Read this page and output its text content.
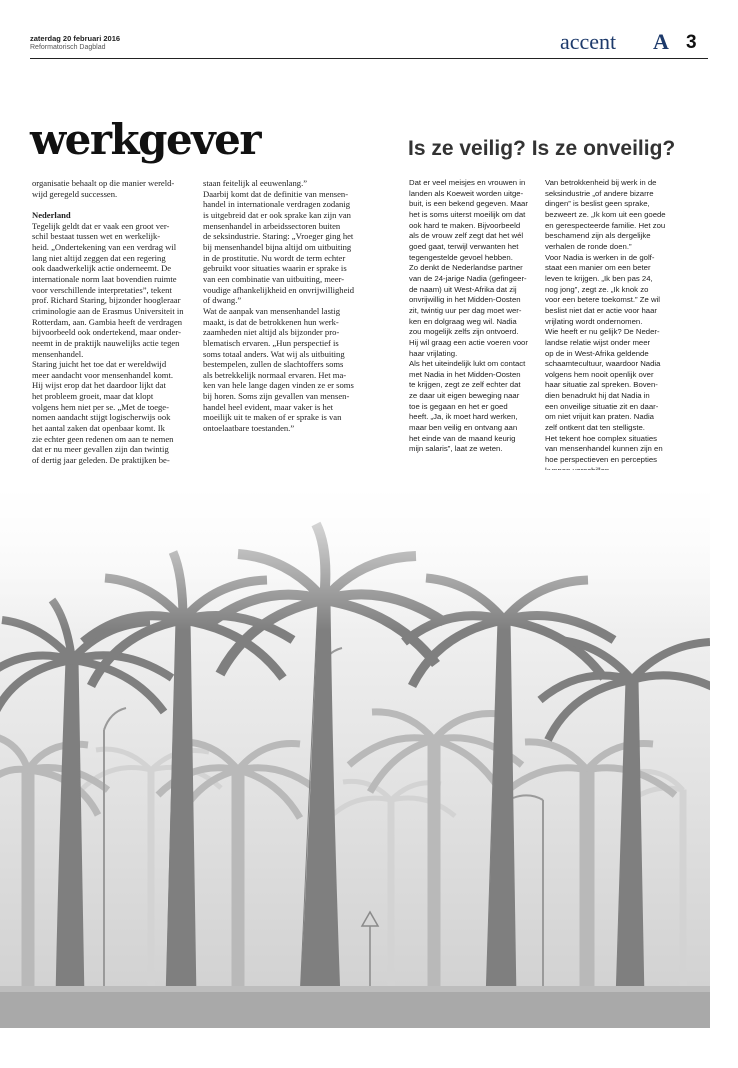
zaterdag 20 februari 2016
Reformatorisch Dagblad	accent A 3
werkgever	Is ze veilig? Is ze onveilig?
organisatie behaalt op die manier wereld-
wijd geregeld successen.

Nederland
Tegelijk geldt dat er vaak een groot ver-
schil bestaat tussen wet en werkelijk-
heid. „Ondertekening van een verdrag wil
lang niet altijd zeggen dat een regering
ook daadwerkelijk actie onderneemt. De
internationale norm laat bovendien ruimte
voor verschillende interpretaties”, tekent
prof. Richard Staring, bijzonder hoogleraar
criminologie aan de Erasmus Universiteit in
Rotterdam, aan. Gambia heeft de verdragen
bijvoorbeeld ook ondertekend, maar onder-
neemt in de praktijk nauwelijks actie tegen
mensenhandel.
Staring juicht het toe dat er wereldwijd
meer aandacht voor mensenhandel komt.
Hij wijst erop dat het daardoor lijkt dat
het probleem groeit, maar dat klopt
volgens hem niet per se. „Met de toege-
nomen aandacht stijgt logischerwijs ook
het aantal zaken dat openbaar komt. Ik
zie echter geen redenen om aan te nemen
dat er nu meer gevallen zijn dan twintig
of dertig jaar geleden. De praktijken be-
staan feitelijk al eeuwenlang.”
Daarbij komt dat de definitie van mensen-
handel in internationale verdragen zodanig
is uitgebreid dat er ook sprake kan zijn van
mensenhandel in arbeidssectoren buiten
de seksindustrie. Staring: „Vroeger ging het
bij mensenhandel bijna altijd om uitbuiting
in de prostitutie. Nu wordt de term echter
gebruikt voor situaties waarin er sprake is
van een combinatie van uitbuiting, meer-
voudige afhankelijkheid en onvrijwilligheid
of dwang.”
Wat de aanpak van mensenhandel lastig
maakt, is dat de betrokkenen hun werk-
zaamheden niet altijd als bijzonder pro-
blematisch ervaren. „Hun perspectief is
soms totaal anders. Wat wij als uitbuiting
bestempelen, zullen de slachtoffers soms
als betrekkelijk normaal ervaren. Het ma-
ken van hele lange dagen vinden ze er soms
bij horen. Soms zijn gevallen van mensen-
handel heel evident, maar vaker is het
moeilijk uit te maken of er sprake is van
ontoelaatbare toestanden.”
Dat er veel meisjes en vrouwen in
landen als Koeweit worden uitge-
buit, is een bekend gegeven. Maar
het is soms uiterst moeilijk om dat
ook hard te maken. Bijvoorbeeld
als de vrouw zelf zegt dat het wél
goed gaat, terwijl verwanten het
tegengestelde gevoel hebben.
Zo denkt de Nederlandse partner
van de 24-jarige Nadia (gefingeer-
de naam) uit West-Afrika dat zij
onvrijwillig in het Midden-Oosten
zit, twintig uur per dag moet wer-
ken en dolgraag weg wil. Nadia
zou mogelijk zelfs zijn ontvoerd.
Hij wil graag een actie voeren voor
haar vrijlating.
Als het uiteindelijk lukt om contact
met Nadia in het Midden-Oosten
te krijgen, zegt ze zelf echter dat
ze daar uit eigen beweging naar
toe is gegaan en het er goed
heeft. „Ja, ik moet hard werken,
maar ben veilig en ontvang aan
het einde van de maand keurig
mijn salaris”, laat ze weten.
Van betrokkenheid bij werk in de
seksindustrie „of andere bizarre
dingen” is beslist geen sprake,
bezweert ze. „Ik kom uit een goede
en gerespecteerde familie. Het zou
beschamend zijn als dergelijke
verhalen de ronde doen.”
Voor Nadia is werken in de golf-
staat een manier om een beter
leven te krijgen. „Ik ben pas 24,
nog jong”, zegt ze. „Ik knok zo
voor een betere toekomst.” Ze wil
beslist niet dat er actie voor haar
vrijlating wordt ondernomen.
Wie heeft er nu gelijk? De Neder-
landse relatie wijst onder meer
op de in West-Afrika geldende
schaamtecultuur, waardoor Nadia
volgens hem nooit openlijk over
haar situatie zal spreken. Boven-
dien benadrukt hij dat Nadia in
een onveilige situatie zit en daar-
om niet vrijuit kan praten. Nadia
zelf ontkent dat ten stelligste.
Het tekent hoe complex situaties
van mensenhandel kunnen zijn en
hoe perspectieven en percepties
